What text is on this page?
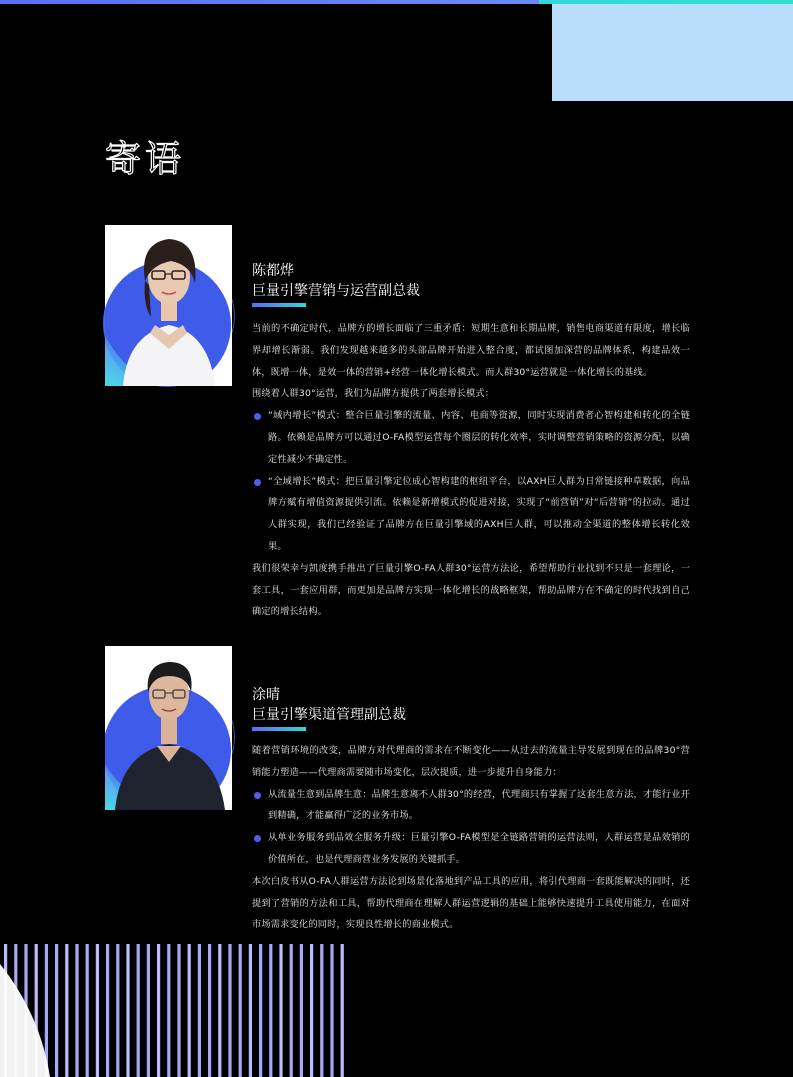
寄语
陈都烨
巨量引擎营销与运营副总裁

当前的不确定时代，品牌方的增长面临了三重矛盾：短期生意和长期品牌，销售电商渠道有限度，增长临界却增长渐弱。我们发现越来越多的头部品牌开始进入整合度，都试图加深营的品牌体系，构建品效一体，既增一体，是效一体的营销+经营一体化增长模式。而人群30°运营就是一体化增长的基线。

围绕着人群30°运营，我们为品牌方提供了两套增长模式：

“域内增长”模式：整合巨量引擎的流量、内容、电商等资源，同时实现消费者心智构建和转化的全链路。依赖是品牌方可以通过O-FA模型运营每个圈层的转化效率，实时调整营销策略的资源分配，以确定性减少不确定性。

“全域增长”模式：把巨量引擎定位成心智构建的枢纽平台，以AXH巨人群为日常链接种草数据，向品牌方赋有增值资源提供引流。依赖是新增模式的促进对接，实现了“前营销”对“后营销”的拉动。通过人群实现，我们已经验证了品牌方在巨量引擎域的AXH巨人群，可以推动全渠道的整体增长转化效果。

我们很荣幸与凯度携手推出了巨量引擎O-FA人群30°运营方法论，希望帮助行业找到不只是一套理论，一套工具，一套应用群，而更加是品牌方实现一体化增长的战略框架，帮助品牌方在不确定的时代找到自己确定的增长结构。

涂晴
巨量引擎渠道管理副总裁

随着营销环境的改变，品牌方对代理商的需求在不断变化——从过去的流量主导发展到现在的品牌30°营销能力塑造——代理商需要随市场变化，层次提质，进一步提升自身能力：

从流量生意到品牌生意：品牌生意离不人群30°的经营，代理商只有掌握了这套生意方法，才能行业开到精确，才能赢得广泛的业务市场。

从单业务服务到品效全服务升级：巨量引擎O-FA模型是全链路营销的运营法则，人群运营是品效销的价值所在，也是代理商营业务发展的关键抓手。

本次白皮书从O-FA人群运营方法论到场景化落地到产品工具的应用，将引代理商一套既能解决的同时，还提到了营销的方法和工具，帮助代理商在理解人群运营逻辑的基础上能够快速提升工具使用能力，在面对市场需求变化的同时，实现良性增长的商业模式。
